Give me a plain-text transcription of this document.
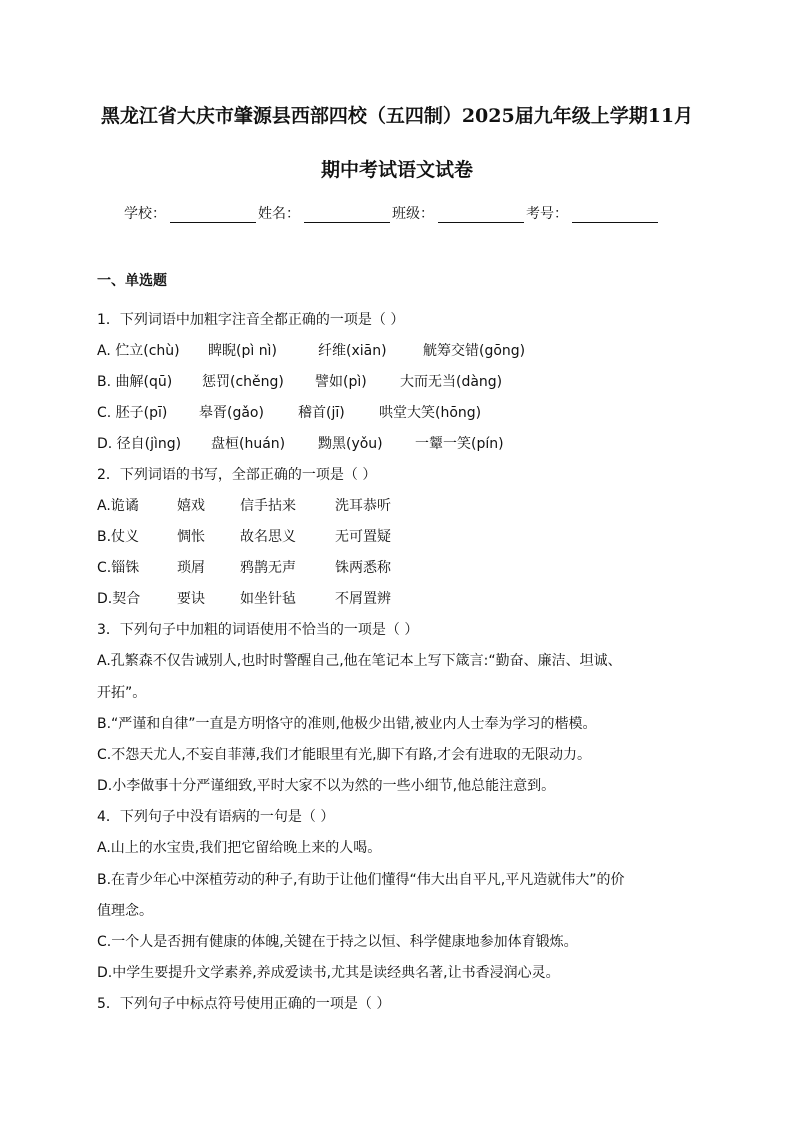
黑龙江省大庆市肇源县西部四校（五四制）2025届九年级上学期11月
期中考试语文试卷
学校：	姓名：	班级：	考号：
一、单选题
1．下列词语中加粗字注音全都正确的一项是（ ）
A. 伫立(chù) 睥睨(pì nì)	纤维(xiān)	觥筹交错(gōng)
B. 曲解(qū) 惩罚(chěng) 譬如(pì) 大而无当(dàng)
C. 胚子(pī) 皋胥(gǎo) 稽首(jī) 哄堂大笑(hōng)
D. 径自(jìng) 盘桓(huán) 黝黑(yǒu) 一颦一笑(pín)
2．下列词语的书写，全部正确的一项是（ ）
A.诡谲	嬉戏	信手拈来	洗耳恭听
B.仗义	惆怅	故名思义	无可置疑
C.锱铢	琐屑	鸦鹊无声	铢两悉称
D.契合	要诀	如坐针毡	不屑置辨
3．下列句子中加粗的词语使用不恰当的一项是（ ）
A.孔繁森不仅告诫别人,也时时警醒自己,他在笔记本上写下箴言:“勤奋、廉洁、坦诚、
开拓”。
B.“严谨和自律”一直是方明恪守的准则,他极少出错,被业内人士奉为学习的楷模。
C.不怨天尤人,不妄自菲薄,我们才能眼里有光,脚下有路,才会有进取的无限动力。
D.小李做事十分严谨细致,平时大家不以为然的一些小细节,他总能注意到。
4．下列句子中没有语病的一句是（ ）
A.山上的水宝贵,我们把它留给晚上来的人喝。
B.在青少年心中深植劳动的种子,有助于让他们懂得“伟大出自平凡,平凡造就伟大”的价
值理念。
C.一个人是否拥有健康的体魄,关键在于持之以恒、科学健康地参加体育锻炼。
D.中学生要提升文学素养,养成爱读书,尤其是读经典名著,让书香浸润心灵。
5．下列句子中标点符号使用正确的一项是（ ）
